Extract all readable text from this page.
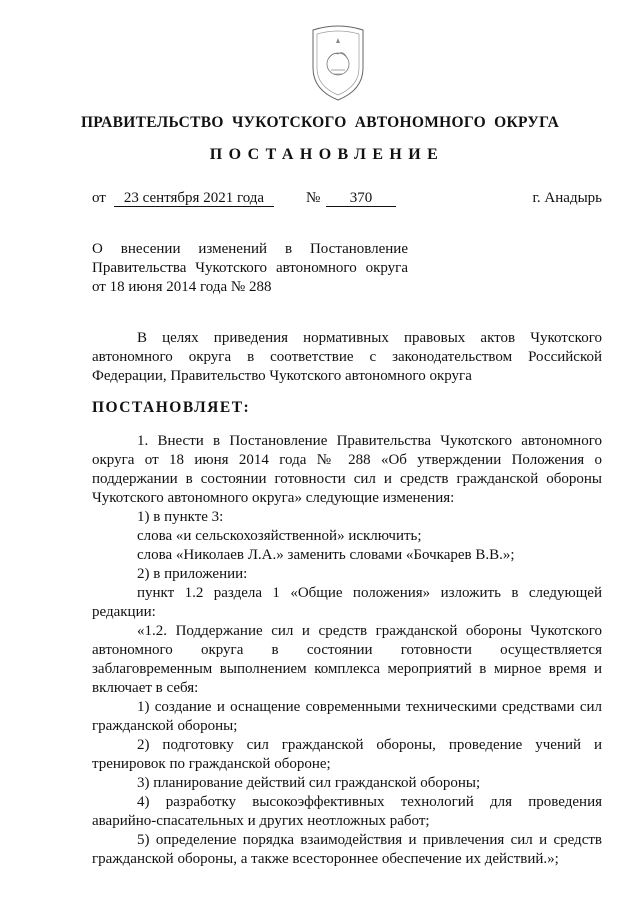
ПРАВИТЕЛЬСТВО ЧУКОТСКОГО АВТОНОМНОГО ОКРУГА
ПОСТАНОВЛЕНИЕ
от	23 сентября 2021 года	№	370	г. Анадырь
О внесении изменений в Постановление
Правительства Чукотского автономного округа
от 18 июня 2014 года № 288

В целях приведения нормативных правовых актов Чукотского автономного округа в соответствие с законодательством Российской Федерации, Правительство Чукотского автономного округа

ПОСТАНОВЛЯЕТ:

1. Внести в Постановление Правительства Чукотского автономного округа от 18 июня 2014 года № 288 «Об утверждении Положения о поддержании в состоянии готовности сил и средств гражданской обороны Чукотского автономного округа» следующие изменения:

1) в пункте 3:

слова «и сельскохозяйственной» исключить;

слова «Николаев Л.А.» заменить словами «Бочкарев В.В.»;

2) в приложении:

пункт 1.2 раздела 1 «Общие положения» изложить в следующей редакции:

«1.2. Поддержание сил и средств гражданской обороны Чукотского автономного округа в состоянии готовности осуществляется заблаговременным выполнением комплекса мероприятий в мирное время и включает в себя:

1) создание и оснащение современными техническими средствами сил гражданской обороны;

2) подготовку сил гражданской обороны, проведение учений и тренировок по гражданской обороне;

3) планирование действий сил гражданской обороны;

4) разработку высокоэффективных технологий для проведения аварийно-спасательных и других неотложных работ;

5) определение порядка взаимодействия и привлечения сил и средств гражданской обороны, а также всестороннее обеспечение их действий.»;
